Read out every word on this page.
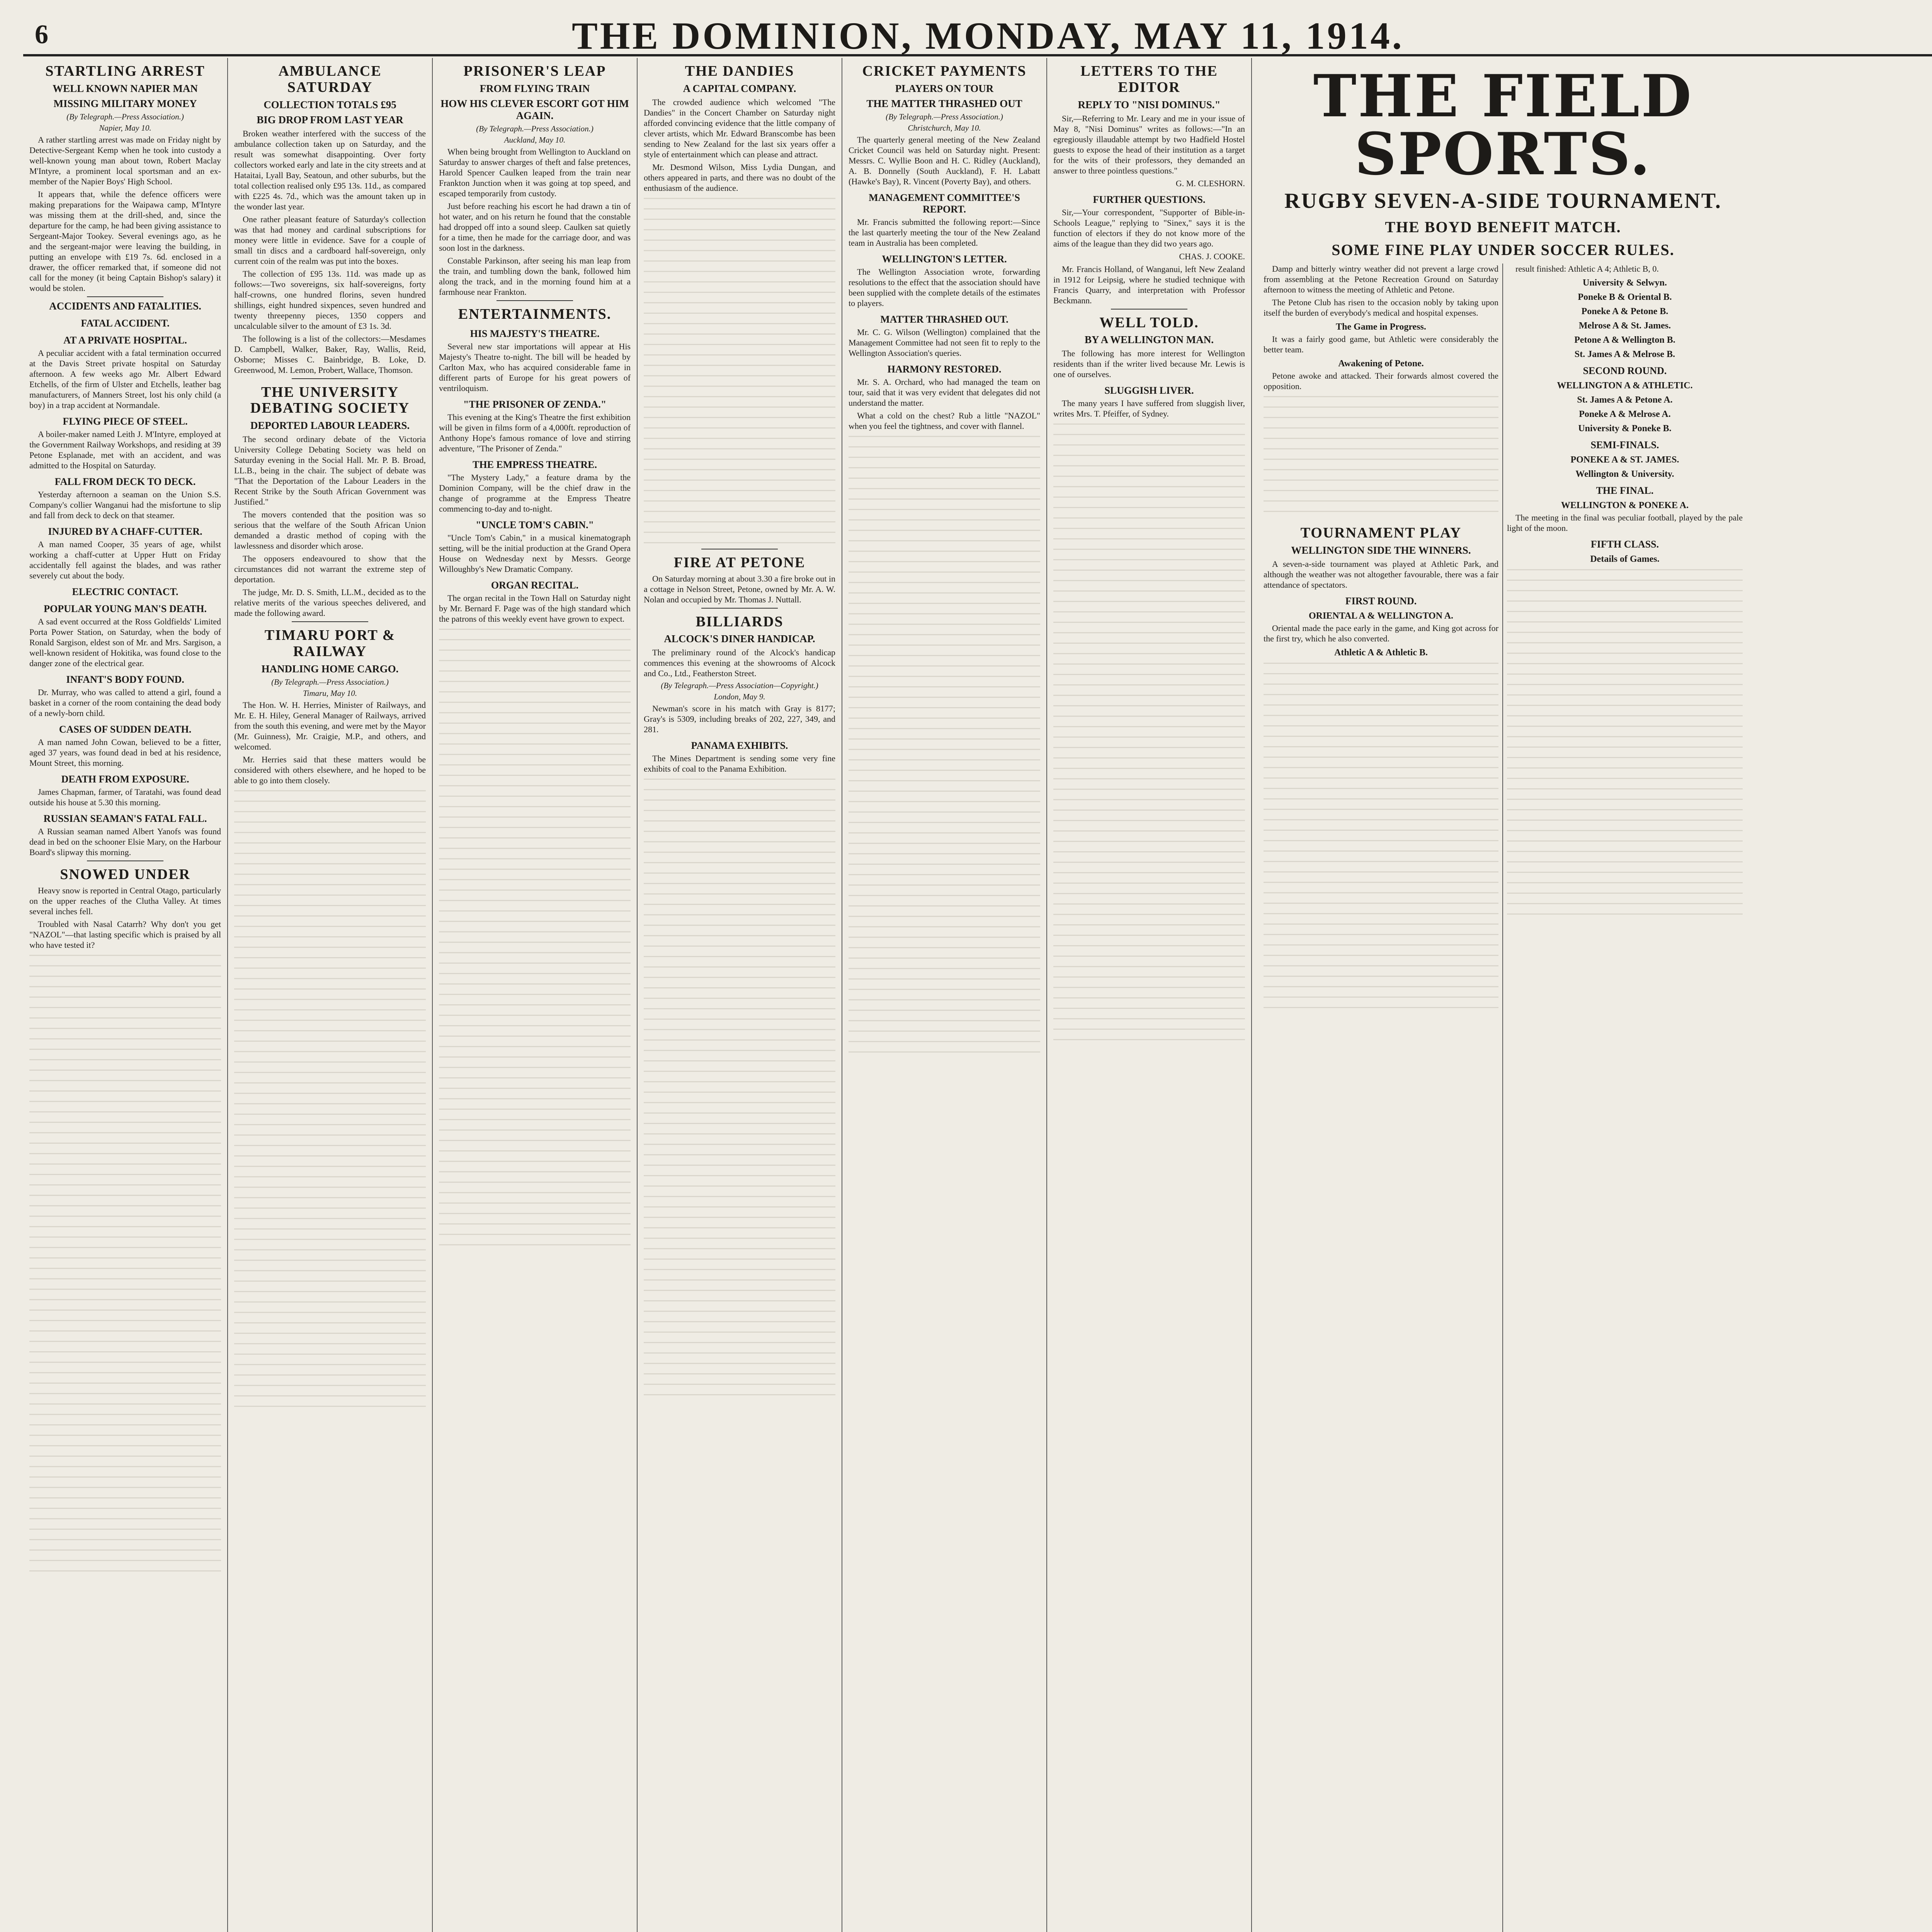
6	THE DOMINION, MONDAY, MAY 11, 1914.
STARTLING ARREST
WELL KNOWN NAPIER MAN
MISSING MILITARY MONEY
(By Telegraph.—Press Association.)
Napier, May 10.

A rather startling arrest was made on Friday night by Detective-Sergeant Kemp when he took into custody a well-known young man about town, Robert Maclay M'Intyre, a prominent local sportsman and an ex-member of the Napier Boys' High School.

It appears that, while the defence officers were making preparations for the Waipawa camp, M'Intyre was missing them at the drill-shed, and, since the departure for the camp, he had been giving assistance to Sergeant-Major Tookey. Several evenings ago, as he and the sergeant-major were leaving the building, in putting an envelope with £19 7s. 6d. enclosed in a drawer, the officer remarked that, if someone did not call for the money (it being Captain Bishop's salary) it would be stolen.

ACCIDENTS AND FATALITIES.
FATAL ACCIDENT.
AT A PRIVATE HOSPITAL.

A peculiar accident with a fatal termination occurred at the Davis Street private hospital on Saturday afternoon. A few weeks ago Mr. Albert Edward Etchells, of the firm of Ulster and Etchells, leather bag manufacturers, of Manners Street, lost his only child (a boy) in a trap accident at Normandale.

FLYING PIECE OF STEEL.

A boiler-maker named Leith J. M'Intyre, employed at the Government Railway Workshops, and residing at 39 Petone Esplanade, met with an accident, and was admitted to the Hospital on Saturday.

FALL FROM DECK TO DECK.

Yesterday afternoon a seaman on the Union S.S. Company's collier Wanganui had the misfortune to slip and fall from deck to deck on that steamer.

INJURED BY A CHAFF-CUTTER.

A man named Cooper, 35 years of age, whilst working a chaff-cutter at Upper Hutt on Friday accidentally fell against the blades, and was rather severely cut about the body.

ELECTRIC CONTACT.
POPULAR YOUNG MAN'S DEATH.

A sad event occurred at the Ross Goldfields' Limited Porta Power Station, on Saturday, when the body of Ronald Sargison, eldest son of Mr. and Mrs. Sargison, a well-known resident of Hokitika, was found close to the danger zone of the electrical gear.

INFANT'S BODY FOUND.

Dr. Murray, who was called to attend a girl, found a basket in a corner of the room containing the dead body of a newly-born child.

CASES OF SUDDEN DEATH.

A man named John Cowan, believed to be a fitter, aged 37 years, was found dead in bed at his residence, Mount Street, this morning.

DEATH FROM EXPOSURE.

James Chapman, farmer, of Taratahi, was found dead outside his house at 5.30 this morning.

RUSSIAN SEAMAN'S FATAL FALL.

A Russian seaman named Albert Yanofs was found dead in bed on the schooner Elsie Mary, on the Harbour Board's slipway this morning.

SNOWED UNDER

Heavy snow is reported in Central Otago, particularly on the upper reaches of the Clutha Valley. At times several inches fell.

Troubled with Nasal Catarrh? Why don't you get "NAZOL"—that lasting specific which is praised by all who have tested it?

AMBULANCE SATURDAY
COLLECTION TOTALS £95
BIG DROP FROM LAST YEAR

Broken weather interfered with the success of the ambulance collection taken up on Saturday, and the result was somewhat disappointing. Over forty collectors worked early and late in the city streets and at Hataitai, Lyall Bay, Seatoun, and other suburbs, but the total collection realised only £95 13s. 11d., as compared with £225 4s. 7d., which was the amount taken up in the wonder last year.

One rather pleasant feature of Saturday's collection was that had money and cardinal subscriptions for money were little in evidence. Save for a couple of small tin discs and a cardboard half-sovereign, only current coin of the realm was put into the boxes.

The collection of £95 13s. 11d. was made up as follows:—Two sovereigns, six half-sovereigns, forty half-crowns, one hundred florins, seven hundred shillings, eight hundred sixpences, seven hundred and twenty threepenny pieces, 1350 coppers and uncalculable silver to the amount of £3 1s. 3d.

The following is a list of the collectors:—Mesdames D. Campbell, Walker, Baker, Ray, Wallis, Reid, Osborne; Misses C. Bainbridge, B. Loke, D. Greenwood, M. Lemon, Probert, Wallace, Thomson.

THE UNIVERSITY DEBATING SOCIETY
DEPORTED LABOUR LEADERS.

The second ordinary debate of the Victoria University College Debating Society was held on Saturday evening in the Social Hall. Mr. P. B. Broad, LL.B., being in the chair. The subject of debate was "That the Deportation of the Labour Leaders in the Recent Strike by the South African Government was Justified."

The movers contended that the position was so serious that the welfare of the South African Union demanded a drastic method of coping with the lawlessness and disorder which arose.

The opposers endeavoured to show that the circumstances did not warrant the extreme step of deportation.

The judge, Mr. D. S. Smith, LL.M., decided as to the relative merits of the various speeches delivered, and made the following award.

TIMARU PORT & RAILWAY
HANDLING HOME CARGO.
(By Telegraph.—Press Association.)
Timaru, May 10.

The Hon. W. H. Herries, Minister of Railways, and Mr. E. H. Hiley, General Manager of Railways, arrived from the south this evening, and were met by the Mayor (Mr. Guinness), Mr. Craigie, M.P., and others, and welcomed.

Mr. Herries said that these matters would be considered with others elsewhere, and he hoped to be able to go into them closely.

PRISONER'S LEAP
FROM FLYING TRAIN
HOW HIS CLEVER ESCORT GOT HIM AGAIN.
(By Telegraph.—Press Association.)
Auckland, May 10.

When being brought from Wellington to Auckland on Saturday to answer charges of theft and false pretences, Harold Spencer Caulken leaped from the train near Frankton Junction when it was going at top speed, and escaped temporarily from custody.

Just before reaching his escort he had drawn a tin of hot water, and on his return he found that the constable had dropped off into a sound sleep. Caulken sat quietly for a time, then he made for the carriage door, and was soon lost in the darkness.

Constable Parkinson, after seeing his man leap from the train, and tumbling down the bank, followed him along the track, and in the morning found him at a farmhouse near Frankton.

ENTERTAINMENTS.
HIS MAJESTY'S THEATRE.

Several new star importations will appear at His Majesty's Theatre to-night. The bill will be headed by Carlton Max, who has acquired considerable fame in different parts of Europe for his great powers of ventriloquism.

"THE PRISONER OF ZENDA."

This evening at the King's Theatre the first exhibition will be given in films form of a 4,000ft. reproduction of Anthony Hope's famous romance of love and stirring adventure, "The Prisoner of Zenda."

THE EMPRESS THEATRE.

"The Mystery Lady," a feature drama by the Dominion Company, will be the chief draw in the change of programme at the Empress Theatre commencing to-day and to-night.

"UNCLE TOM'S CABIN."

"Uncle Tom's Cabin," in a musical kinematograph setting, will be the initial production at the Grand Opera House on Wednesday next by Messrs. George Willoughby's New Dramatic Company.

ORGAN RECITAL.

The organ recital in the Town Hall on Saturday night by Mr. Bernard F. Page was of the high standard which the patrons of this weekly event have grown to expect.

THE DANDIES
A CAPITAL COMPANY.

The crowded audience which welcomed "The Dandies" in the Concert Chamber on Saturday night afforded convincing evidence that the little company of clever artists, which Mr. Edward Branscombe has been sending to New Zealand for the last six years offer a style of entertainment which can please and attract.

Mr. Desmond Wilson, Miss Lydia Dungan, and others appeared in parts, and there was no doubt of the enthusiasm of the audience.

FIRE AT PETONE

On Saturday morning at about 3.30 a fire broke out in a cottage in Nelson Street, Petone, owned by Mr. A. W. Nolan and occupied by Mr. Thomas J. Nuttall.

BILLIARDS
ALCOCK'S DINER HANDICAP.

The preliminary round of the Alcock's handicap commences this evening at the showrooms of Alcock and Co., Ltd., Featherston Street.

(By Telegraph.—Press Association—Copyright.)
London, May 9.

Newman's score in his match with Gray is 8177; Gray's is 5309, including breaks of 202, 227, 349, and 281.

PANAMA EXHIBITS.

The Mines Department is sending some very fine exhibits of coal to the Panama Exhibition.

CRICKET PAYMENTS
PLAYERS ON TOUR
THE MATTER THRASHED OUT
(By Telegraph.—Press Association.)
Christchurch, May 10.

The quarterly general meeting of the New Zealand Cricket Council was held on Saturday night. Present: Messrs. C. Wyllie Boon and H. C. Ridley (Auckland), A. B. Donnelly (South Auckland), F. H. Labatt (Hawke's Bay), R. Vincent (Poverty Bay), and others.

MANAGEMENT COMMITTEE'S REPORT.

Mr. Francis submitted the following report:—Since the last quarterly meeting the tour of the New Zealand team in Australia has been completed.

WELLINGTON'S LETTER.

The Wellington Association wrote, forwarding resolutions to the effect that the association should have been supplied with the complete details of the estimates to players.

MATTER THRASHED OUT.

Mr. C. G. Wilson (Wellington) complained that the Management Committee had not seen fit to reply to the Wellington Association's queries.

HARMONY RESTORED.

Mr. S. A. Orchard, who had managed the team on tour, said that it was very evident that delegates did not understand the matter.

What a cold on the chest? Rub a little "NAZOL" when you feel the tightness, and cover with flannel.

LETTERS TO THE EDITOR
REPLY TO "NISI DOMINUS."

Sir,—Referring to Mr. Leary and me in your issue of May 8, "Nisi Dominus" writes as follows:—"In an egregiously illaudable attempt by two Hadfield Hostel guests to expose the head of their institution as a target for the wits of their professors, they demanded an answer to three pointless questions."

G. M. CLESHORN.

FURTHER QUESTIONS.

Sir,—Your correspondent, "Supporter of Bible-in-Schools League," replying to "Sinex," says it is the function of electors if they do not know more of the aims of the league than they did two years ago.

CHAS. J. COOKE.

Mr. Francis Holland, of Wanganui, left New Zealand in 1912 for Leipsig, where he studied technique with Francis Quarry, and interpretation with Professor Beckmann.

WELL TOLD.
BY A WELLINGTON MAN.

The following has more interest for Wellington residents than if the writer lived because Mr. Lewis is one of ourselves.

SLUGGISH LIVER.

The many years I have suffered from sluggish liver, writes Mrs. T. Pfeiffer, of Sydney.

THE FIELD SPORTS.
RUGBY SEVEN-A-SIDE TOURNAMENT.
THE BOYD BENEFIT MATCH.
SOME FINE PLAY UNDER SOCCER RULES.

Damp and bitterly wintry weather did not prevent a large crowd from assembling at the Petone Recreation Ground on Saturday afternoon to witness the meeting of Athletic and Petone.

The Petone Club has risen to the occasion nobly by taking upon itself the burden of everybody's medical and hospital expenses.

The Game in Progress.

It was a fairly good game, but Athletic were considerably the better team.

Awakening of Petone.

Petone awoke and attacked. Their forwards almost covered the opposition.

TOURNAMENT PLAY
WELLINGTON SIDE THE WINNERS.

A seven-a-side tournament was played at Athletic Park, and although the weather was not altogether favourable, there was a fair attendance of spectators.

FIRST ROUND.
ORIENTAL A & WELLINGTON A.

Oriental made the pace early in the game, and King got across for the first try, which he also converted.

Athletic A & Athletic B.

result finished: Athletic A 4; Athletic B, 0.

University & Selwyn.
Poneke B & Oriental B.
Poneke A & Petone B.
Melrose A & St. James.
Petone A & Wellington B.
St. James A & Melrose B.
SECOND ROUND.
WELLINGTON A & ATHLETIC.
St. James A & Petone A.
Poneke A & Melrose A.
University & Poneke B.
SEMI-FINALS.
PONEKE A & ST. JAMES.
Wellington & University.
THE FINAL.
WELLINGTON & PONEKE A.

The meeting in the final was peculiar football, played by the pale light of the moon.

FIFTH CLASS.
Details of Games.
